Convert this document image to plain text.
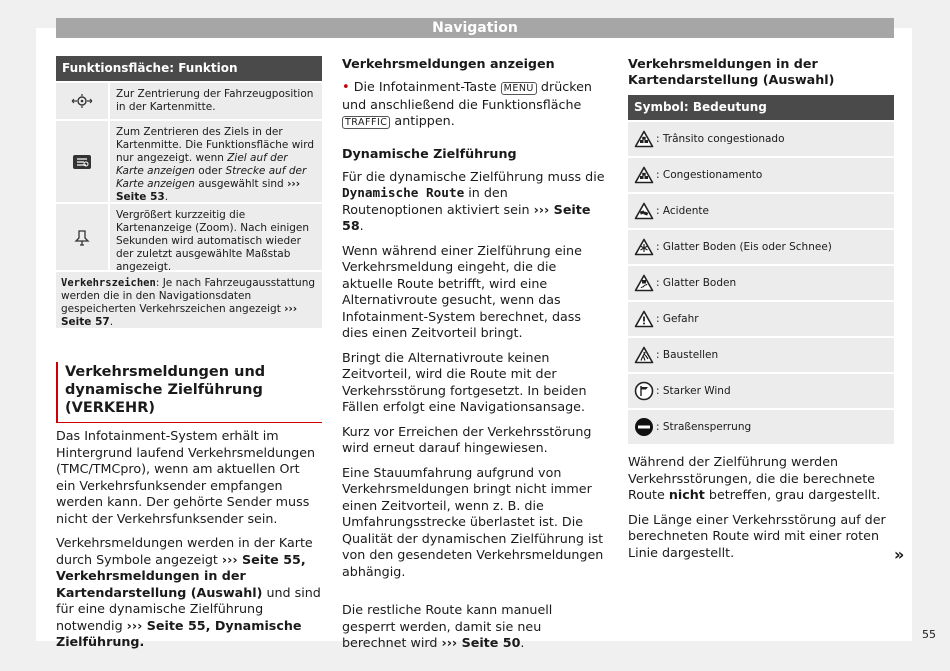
Navigation
Funktionsfläche: Funktion
Zur Zentrierung der Fahrzeugposition in der Kartenmitte.
Zum Zentrieren des Ziels in der Kartenmitte. Die Funktionsfläche wird nur angezeigt. wenn Ziel auf der Karte anzeigen oder Strecke auf der Karte anzeigen ausgewählt sind ››› Seite 53.
Vergrößert kurzzeitig die Kartenanzeige (Zoom). Nach einigen Sekunden wird automatisch wieder der zuletzt ausgewählte Maßstab angezeigt.
Verkehrszeichen: Je nach Fahrzeugausstattung werden die in den Navigationsdaten gespeicherten Verkehrszeichen angezeigt ››› Seite 57.
Verkehrsmeldungen und dynamische Zielführung (VERKEHR)

Das Infotainment-System erhält im Hintergrund laufend Verkehrsmeldungen (TMC/TMCpro), wenn am aktuellen Ort ein Verkehrsfunksender empfangen werden kann. Der gehörte Sender muss nicht der Verkehrsfunksender sein.

Verkehrsmeldungen werden in der Karte durch Symbole angezeigt ››› Seite 55, Verkehrsmeldungen in der Kartendarstellung (Auswahl) und sind für eine dynamische Zielführung notwendig ››› Seite 55, Dynamische Zielführung.

Verkehrsmeldungen anzeigen

• Die Infotainment-Taste MENU drücken und anschließend die Funktionsfläche TRAFFIC antippen.

Dynamische Zielführung

Für die dynamische Zielführung muss die Dynamische Route in den Routenoptionen aktiviert sein ››› Seite 58.

Wenn während einer Zielführung eine Verkehrsmeldung eingeht, die die aktuelle Route betrifft, wird eine Alternativroute gesucht, wenn das Infotainment-System berechnet, dass dies einen Zeitvorteil bringt.

Bringt die Alternativroute keinen Zeitvorteil, wird die Route mit der Verkehrsstörung fortgesetzt. In beiden Fällen erfolgt eine Navigationsansage.

Kurz vor Erreichen der Verkehrsstörung wird erneut darauf hingewiesen.

Eine Stauumfahrung aufgrund von Verkehrsmeldungen bringt nicht immer einen Zeitvorteil, wenn z. B. die Umfahrungsstrecke überlastet ist. Die Qualität der dynamischen Zielführung ist von den gesendeten Verkehrsmeldungen abhängig.

Die restliche Route kann manuell gesperrt werden, damit sie neu berechnet wird ››› Seite 50.

Verkehrsmeldungen in der Kartendarstellung (Auswahl)
Symbol: Bedeutung
: Trânsito congestionado
: Congestionamento
: Acidente
: Glatter Boden (Eis oder Schnee)
: Glatter Boden
: Gefahr
: Baustellen
: Starker Wind
: Straßensperrung

Während der Zielführung werden Verkehrsstörungen, die die berechnete Route nicht betreffen, grau dargestellt.

Die Länge einer Verkehrsstörung auf der berechneten Route wird mit einer roten Linie dargestellt.	»
55
